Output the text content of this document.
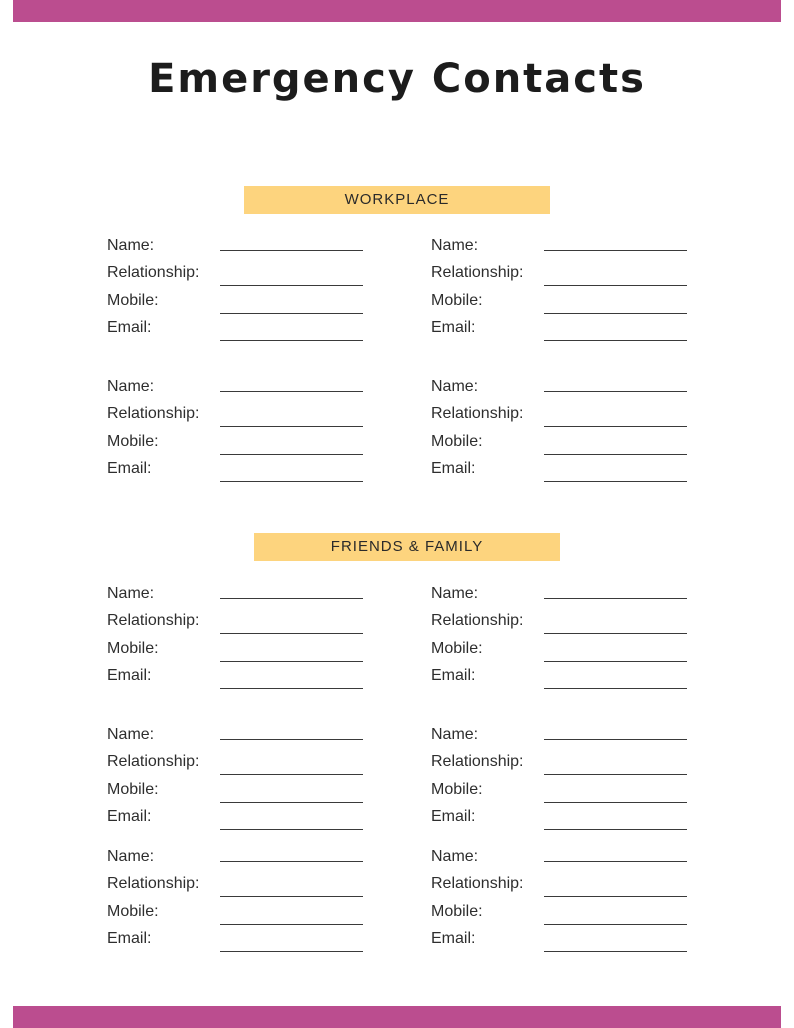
Emergency Contacts
WORKPLACE
FRIENDS & FAMILY
Name:
Relationship:
Mobile:
Email:
Name:
Relationship:
Mobile:
Email:
Name:
Relationship:
Mobile:
Email:
Name:
Relationship:
Mobile:
Email:
Name:
Relationship:
Mobile:
Email:
Name:
Relationship:
Mobile:
Email:
Name:
Relationship:
Mobile:
Email:
Name:
Relationship:
Mobile:
Email:
Name:
Relationship:
Mobile:
Email:
Name:
Relationship:
Mobile:
Email:
